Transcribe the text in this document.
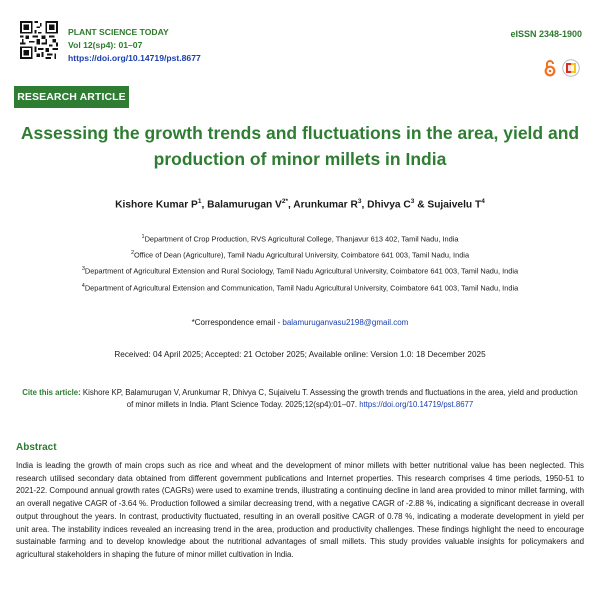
PLANT SCIENCE TODAY
Vol 12(sp4): 01–07
https://doi.org/10.14719/pst.8677
eISSN 2348-1900
RESEARCH ARTICLE
Assessing the growth trends and fluctuations in the area, yield and production of minor millets in India
Kishore Kumar $P^1$, Balamurugan $V^{2*}$, Arunkumar $R^3$, Dhivya $C^3$ & Sujaivelu $T^4$
$^1$Department of Crop Production, RVS Agricultural College, Thanjavur 613 402, Tamil Nadu, India
$^2$Office of Dean (Agriculture), Tamil Nadu Agricultural University, Coimbatore 641 003, Tamil Nadu, India
$^3$Department of Agricultural Extension and Rural Sociology, Tamil Nadu Agricultural University, Coimbatore 641 003, Tamil Nadu, India
$^4$Department of Agricultural Extension and Communication, Tamil Nadu Agricultural University, Coimbatore 641 003, Tamil Nadu, India
*Correspondence email - balamuruganvasu2198@gmail.com
Received: 04 April 2025; Accepted: 21 October 2025; Available online: Version 1.0: 18 December 2025
Cite this article: Kishore KP, Balamurugan V, Arunkumar R, Dhivya C, Sujaivelu T. Assessing the growth trends and fluctuations in the area, yield and production of minor millets in India. Plant Science Today. 2025;12(sp4):01–07. https://doi.org/10.14719/pst.8677
Abstract
India is leading the growth of main crops such as rice and wheat and the development of minor millets with better nutritional value has been neglected. This research utilised secondary data obtained from different government publications and Internet properties. This research comprises 4 time periods, 1950-51 to 2021-22. Compound annual growth rates (CAGRs) were used to examine trends, illustrating a continuing decline in land area provided to minor millet farming, with an overall negative CAGR of -3.64 %. Production followed a similar decreasing trend, with a negative CAGR of -2.88 %, indicating a significant decrease in overall output throughout the years. In contrast, productivity fluctuated, resulting in an overall positive CAGR of 0.78 %, indicating a moderate development in yield per unit area. The instability indices revealed an increasing trend in the area, production and productivity challenges. These findings highlight the need to encourage sustainable farming and to develop knowledge about the nutritional advantages of small millets. This study provides valuable insights for policymakers and agricultural stakeholders in shaping the future of minor millet cultivation in India.
